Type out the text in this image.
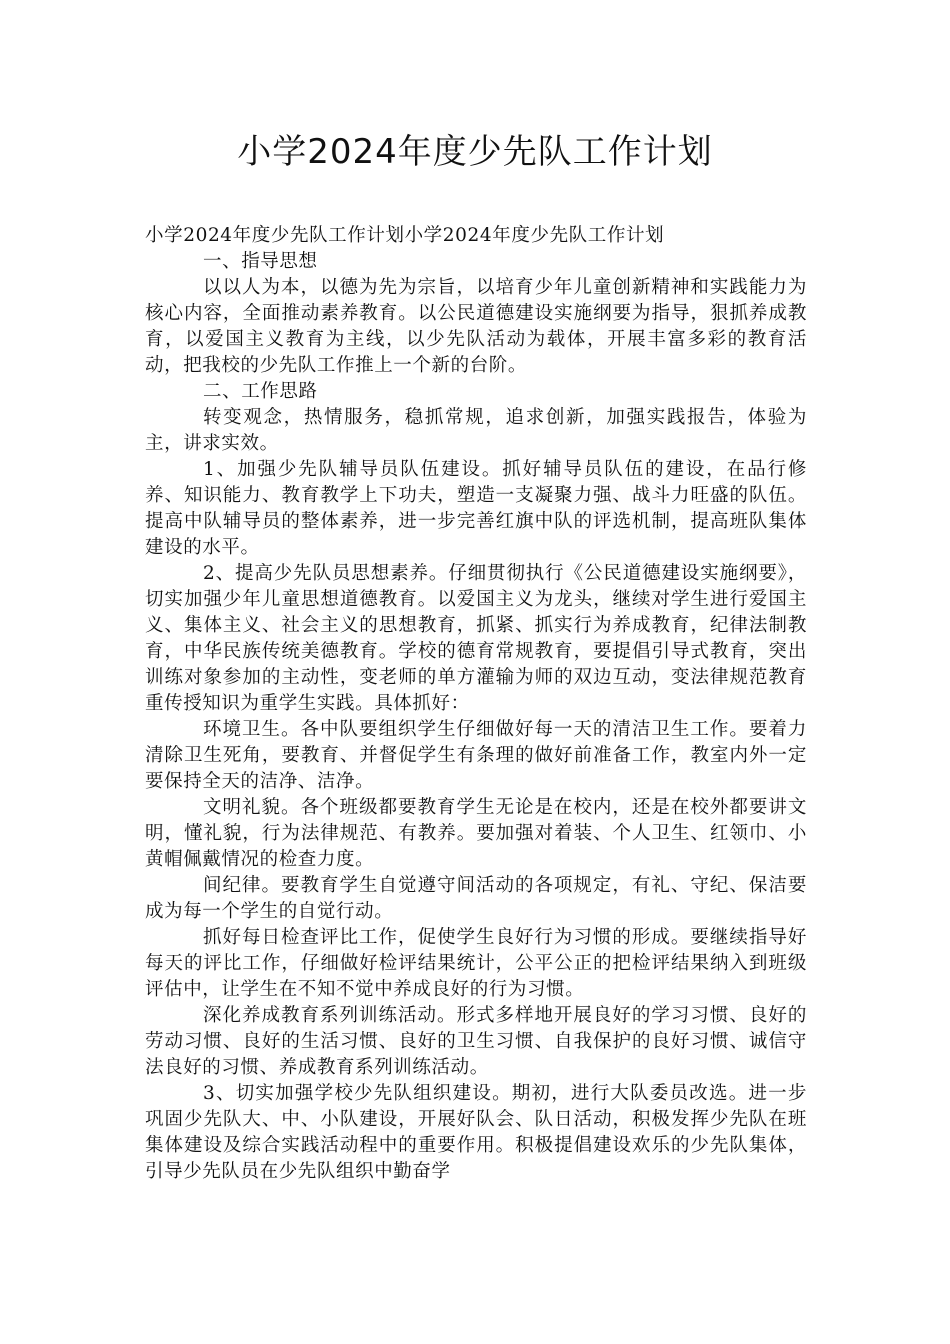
小学2024年度少先队工作计划

小学2024年度少先队工作计划小学2024年度少先队工作计划

一、指导思想

以以人为本，以德为先为宗旨，以培育少年儿童创新精神和实践能力为核心内容，全面推动素养教育。以公民道德建设实施纲要为指导，狠抓养成教育，以爱国主义教育为主线，以少先队活动为载体，开展丰富多彩的教育活动，把我校的少先队工作推上一个新的台阶。

二、工作思路

转变观念，热情服务，稳抓常规，追求创新，加强实践报告，体验为主，讲求实效。

1、加强少先队辅导员队伍建设。抓好辅导员队伍的建设，在品行修养、知识能力、教育教学上下功夫，塑造一支凝聚力强、战斗力旺盛的队伍。提高中队辅导员的整体素养，进一步完善红旗中队的评选机制，提高班队集体建设的水平。

2、提高少先队员思想素养。仔细贯彻执行《公民道德建设实施纲要》，切实加强少年儿童思想道德教育。以爱国主义为龙头，继续对学生进行爱国主义、集体主义、社会主义的思想教育，抓紧、抓实行为养成教育，纪律法制教育，中华民族传统美德教育。学校的德育常规教育，要提倡引导式教育，突出训练对象参加的主动性，变老师的单方灌输为师的双边互动，变法律规范教育重传授知识为重学生实践。具体抓好：

环境卫生。各中队要组织学生仔细做好每一天的清洁卫生工作。要着力清除卫生死角，要教育、并督促学生有条理的做好前准备工作，教室内外一定要保持全天的洁净、洁净。

文明礼貌。各个班级都要教育学生无论是在校内，还是在校外都要讲文明，懂礼貌，行为法律规范、有教养。要加强对着装、个人卫生、红领巾、小黄帽佩戴情况的检查力度。

间纪律。要教育学生自觉遵守间活动的各项规定，有礼、守纪、保洁要成为每一个学生的自觉行动。

抓好每日检查评比工作，促使学生良好行为习惯的形成。要继续指导好每天的评比工作，仔细做好检评结果统计，公平公正的把检评结果纳入到班级评估中，让学生在不知不觉中养成良好的行为习惯。

深化养成教育系列训练活动。形式多样地开展良好的学习习惯、良好的劳动习惯、良好的生活习惯、良好的卫生习惯、自我保护的良好习惯、诚信守法良好的习惯、养成教育系列训练活动。

3、切实加强学校少先队组织建设。期初，进行大队委员改选。进一步巩固少先队大、中、小队建设，开展好队会、队日活动，积极发挥少先队在班集体建设及综合实践活动程中的重要作用。积极提倡建设欢乐的少先队集体，引导少先队员在少先队组织中勤奋学
